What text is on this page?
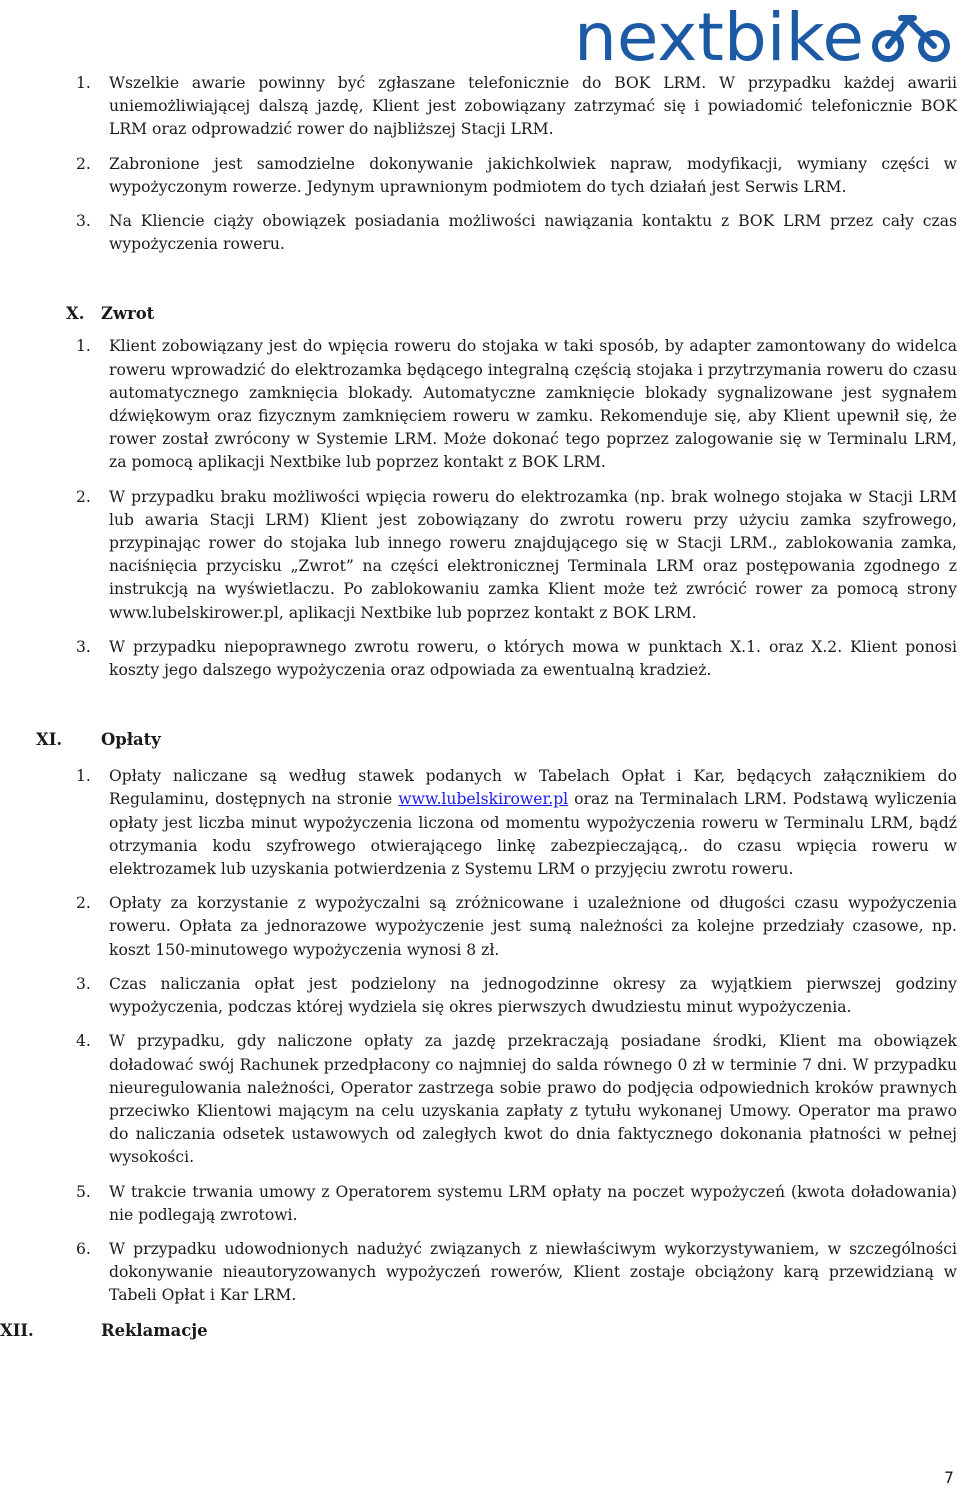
nextbike
1. Wszelkie awarie powinny być zgłaszane telefonicznie do BOK LRM. W przypadku każdej awarii uniemożliwiającej dalszą jazdę, Klient jest zobowiązany zatrzymać się i powiadomić telefonicznie BOK LRM oraz odprowadzić rower do najbliższej Stacji LRM.
2. Zabronione jest samodzielne dokonywanie jakichkolwiek napraw, modyfikacji, wymiany części w wypożyczonym rowerze. Jedynym uprawnionym podmiotem do tych działań jest Serwis LRM.
3. Na Kliencie ciąży obowiązek posiadania możliwości nawiązania kontaktu z BOK LRM przez cały czas wypożyczenia roweru.
X. Zwrot
1. Klient zobowiązany jest do wpięcia roweru do stojaka w taki sposób, by adapter zamontowany do widelca roweru wprowadzić do elektrozamka będącego integralną częścią stojaka i przytrzymania roweru do czasu automatycznego zamknięcia blokady. Automatyczne zamknięcie blokady sygnalizowane jest sygnałem dźwiękowym oraz fizycznym zamknięciem roweru w zamku. Rekomenduje się, aby Klient upewnił się, że rower został zwrócony w Systemie LRM. Może dokonać tego poprzez zalogowanie się w Terminalu LRM, za pomocą aplikacji Nextbike lub poprzez kontakt z BOK LRM.
2. W przypadku braku możliwości wpięcia roweru do elektrozamka (np. brak wolnego stojaka w Stacji LRM lub awaria Stacji LRM) Klient jest zobowiązany do zwrotu roweru przy użyciu zamka szyfrowego, przypinając rower do stojaka lub innego roweru znajdującego się w Stacji LRM., zablokowania zamka, naciśnięcia przycisku „Zwrot” na części elektronicznej Terminala LRM oraz postępowania zgodnego z instrukcją na wyświetlaczu. Po zablokowaniu zamka Klient może też zwrócić rower za pomocą strony www.lubelskirower.pl, aplikacji Nextbike lub poprzez kontakt z BOK LRM.
3. W przypadku niepoprawnego zwrotu roweru, o których mowa w punktach X.1. oraz X.2. Klient ponosi koszty jego dalszego wypożyczenia oraz odpowiada za ewentualną kradzież.
XI. Opłaty
1. Opłaty naliczane są według stawek podanych w Tabelach Opłat i Kar, będących załącznikiem do Regulaminu, dostępnych na stronie www.lubelskirower.pl oraz na Terminalach LRM. Podstawą wyliczenia opłaty jest liczba minut wypożyczenia liczona od momentu wypożyczenia roweru w Terminalu LRM, bądź otrzymania kodu szyfrowego otwierającego linkę zabezpieczającą,. do czasu wpięcia roweru w elektrozamek lub uzyskania potwierdzenia z Systemu LRM o przyjęciu zwrotu roweru.
2. Opłaty za korzystanie z wypożyczalni są zróżnicowane i uzależnione od długości czasu wypożyczenia roweru. Opłata za jednorazowe wypożyczenie jest sumą należności za kolejne przedziały czasowe, np. koszt 150-minutowego wypożyczenia wynosi 8 zł.
3. Czas naliczania opłat jest podzielony na jednogodzinne okresy za wyjątkiem pierwszej godziny wypożyczenia, podczas której wydziela się okres pierwszych dwudziestu minut wypożyczenia.
4. W przypadku, gdy naliczone opłaty za jazdę przekraczają posiadane środki, Klient ma obowiązek doładować swój Rachunek przedpłacony co najmniej do salda równego 0 zł w terminie 7 dni. W przypadku nieuregulowania należności, Operator zastrzega sobie prawo do podjęcia odpowiednich kroków prawnych przeciwko Klientowi mającym na celu uzyskania zapłaty z tytułu wykonanej Umowy. Operator ma prawo do naliczania odsetek ustawowych od zaległych kwot do dnia faktycznego dokonania płatności w pełnej wysokości.
5. W trakcie trwania umowy z Operatorem systemu LRM opłaty na poczet wypożyczeń (kwota doładowania) nie podlegają zwrotowi.
6. W przypadku udowodnionych nadużyć związanych z niewłaściwym wykorzystywaniem, w szczególności dokonywanie nieautoryzowanych wypożyczeń rowerów, Klient zostaje obciążony karą przewidzianą w Tabeli Opłat i Kar LRM.
XII.	Reklamacje
7
